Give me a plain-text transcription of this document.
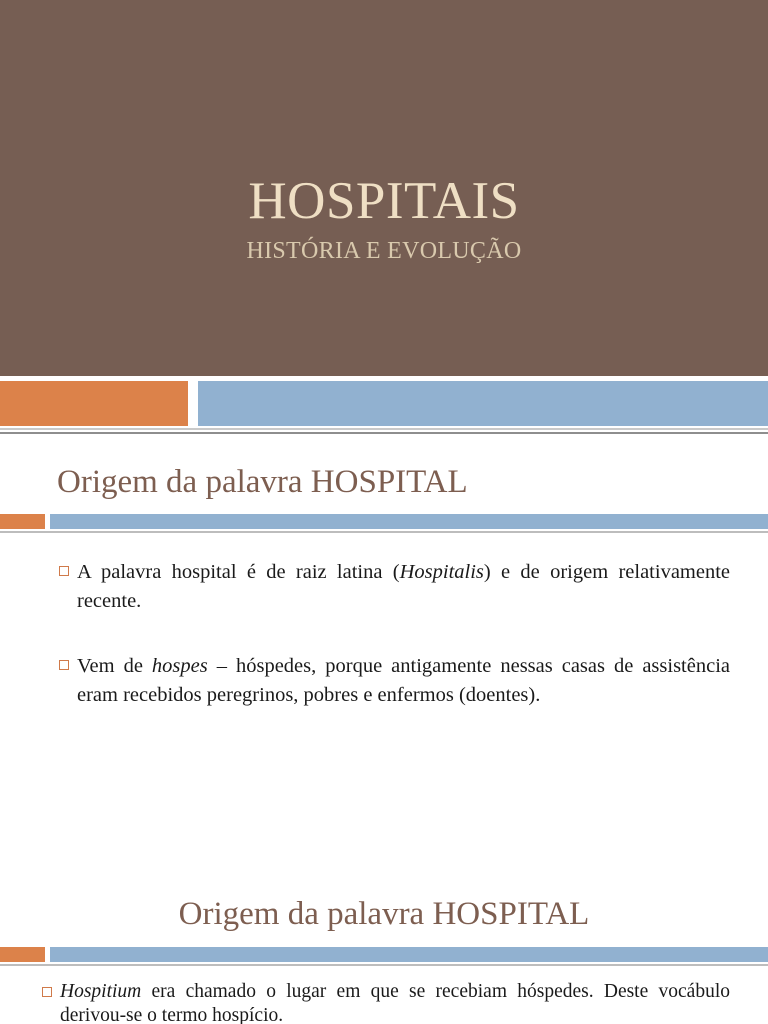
HOSPITAIS
HISTÓRIA E EVOLUÇÃO
Origem da palavra HOSPITAL
A palavra hospital é de raiz latina (Hospitalis) e de origem relativamente recente.
Vem de hospes – hóspedes, porque antigamente nessas casas de assistência eram recebidos peregrinos, pobres e enfermos (doentes).
Origem da palavra HOSPITAL
Hospitium era chamado o lugar em que se recebiam hóspedes. Deste vocábulo derivou-se o termo hospício.
